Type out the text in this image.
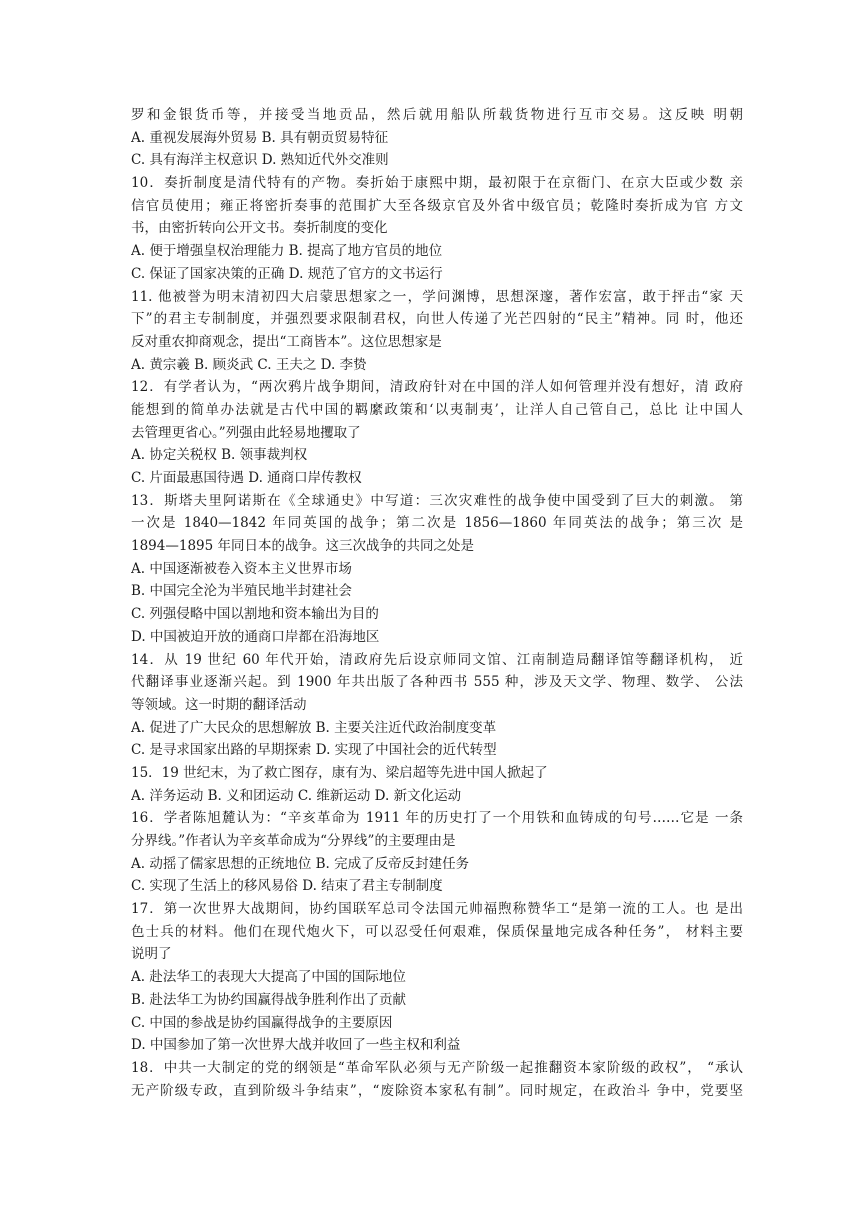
罗和金银货币等，并接受当地贡品，然后就用船队所载货物进行互市交易。这反映 明朝
A. 重视发展海外贸易 B. 具有朝贡贸易特征
C. 具有海洋主权意识 D. 熟知近代外交准则
10．奏折制度是清代特有的产物。奏折始于康熙中期，最初限于在京衙门、在京大臣或少数 亲
信官员使用；雍正将密折奏事的范围扩大至各级京官及外省中级官员；乾隆时奏折成为官 方文
书，由密折转向公开文书。奏折制度的变化
A. 便于增强皇权治理能力 B. 提高了地方官员的地位
C. 保证了国家决策的正确 D. 规范了官方的文书运行
11. 他被誉为明末清初四大启蒙思想家之一，学问渊博，思想深邃，著作宏富，敢于抨击“家 天
下”的君主专制制度，并强烈要求限制君权，向世人传递了光芒四射的“民主”精神。同 时，他还
反对重农抑商观念，提出“工商皆本”。这位思想家是
A. 黄宗羲 B. 顾炎武 C. 王夫之 D. 李贽
12．有学者认为，“两次鸦片战争期间，清政府针对在中国的洋人如何管理并没有想好，清 政府
能想到的简单办法就是古代中国的羁縻政策和‘以夷制夷’，让洋人自己管自己，总比 让中国人
去管理更省心。”列强由此轻易地攫取了
A. 协定关税权 B. 领事裁判权
C. 片面最惠国待遇 D. 通商口岸传教权
13．斯塔夫里阿诺斯在《全球通史》中写道：三次灾难性的战争使中国受到了巨大的刺激。 第
一次是 1840—1842 年同英国的战争；第二次是 1856—1860 年同英法的战争；第三次 是
1894—1895 年同日本的战争。这三次战争的共同之处是
A. 中国逐渐被卷入资本主义世界市场
B. 中国完全沦为半殖民地半封建社会
C. 列强侵略中国以割地和资本输出为目的
D. 中国被迫开放的通商口岸都在沿海地区
14．从 19 世纪 60 年代开始，清政府先后设京师同文馆、江南制造局翻译馆等翻译机构， 近
代翻译事业逐渐兴起。到 1900 年共出版了各种西书 555 种，涉及天文学、物理、数学、 公法
等领域。这一时期的翻译活动
A. 促进了广大民众的思想解放 B. 主要关注近代政治制度变革
C. 是寻求国家出路的早期探索 D. 实现了中国社会的近代转型
15．19 世纪末，为了救亡图存，康有为、梁启超等先进中国人掀起了
A. 洋务运动 B. 义和团运动 C. 维新运动 D. 新文化运动
16．学者陈旭麓认为：“辛亥革命为 1911 年的历史打了一个用铁和血铸成的句号……它是 一条
分界线。”作者认为辛亥革命成为“分界线”的主要理由是
A. 动摇了儒家思想的正统地位 B. 完成了反帝反封建任务
C. 实现了生活上的移风易俗 D. 结束了君主专制制度
17．第一次世界大战期间，协约国联军总司令法国元帅福煦称赞华工“是第一流的工人。也 是出
色士兵的材料。他们在现代炮火下，可以忍受任何艰难，保质保量地完成各种任务”， 材料主要
说明了
A. 赴法华工的表现大大提高了中国的国际地位
B. 赴法华工为协约国赢得战争胜利作出了贡献
C. 中国的参战是协约国赢得战争的主要原因
D. 中国参加了第一次世界大战并收回了一些主权和利益
18．中共一大制定的党的纲领是“革命军队必须与无产阶级一起推翻资本家阶级的政权”， “承认
无产阶级专政，直到阶级斗争结束”，“废除资本家私有制”。同时规定，在政治斗 争中，党要坚
